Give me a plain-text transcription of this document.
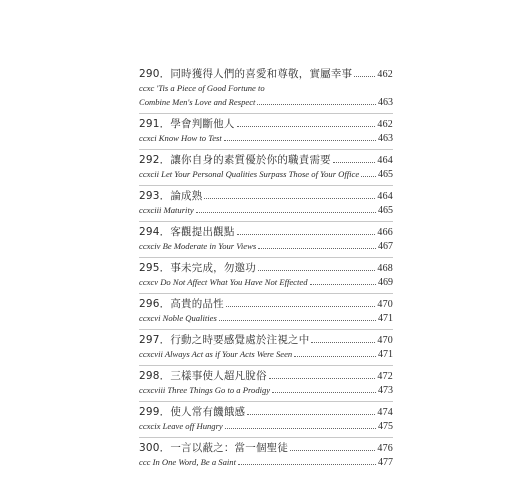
290．同時獲得人們的喜愛和尊敬，實屬幸事	462
ccxc 'Tis a Piece of Good Fortune to
Combine Men's Love and Respect	463
291．學會判斷他人	462
ccxci Know How to Test	463
292．讓你自身的素質優於你的職責需要	464
ccxcii Let Your Personal Qualities Surpass Those of Your Office 465
293．論成熟	464
ccxciii Maturity	465
294．客觀提出觀點	466
ccxciv Be Moderate in Your Views	467
295．事未完成，勿邀功	468
ccxcv Do Not Affect What You Have Not Effected	469
296．高貴的品性	470
ccxcvi Noble Qualities	471
297．行動之時要感覺處於注視之中	470
ccxcvii Always Act as if Your Acts Were Seen	471
298．三樣事使人超凡脫俗	472
ccxcviii Three Things Go to a Prodigy	473
299．使人常有饑餓感	474
ccxcix Leave off Hungry	475
300．一言以蔽之：當一個聖徒	476
ccc In One Word, Be a Saint	477
